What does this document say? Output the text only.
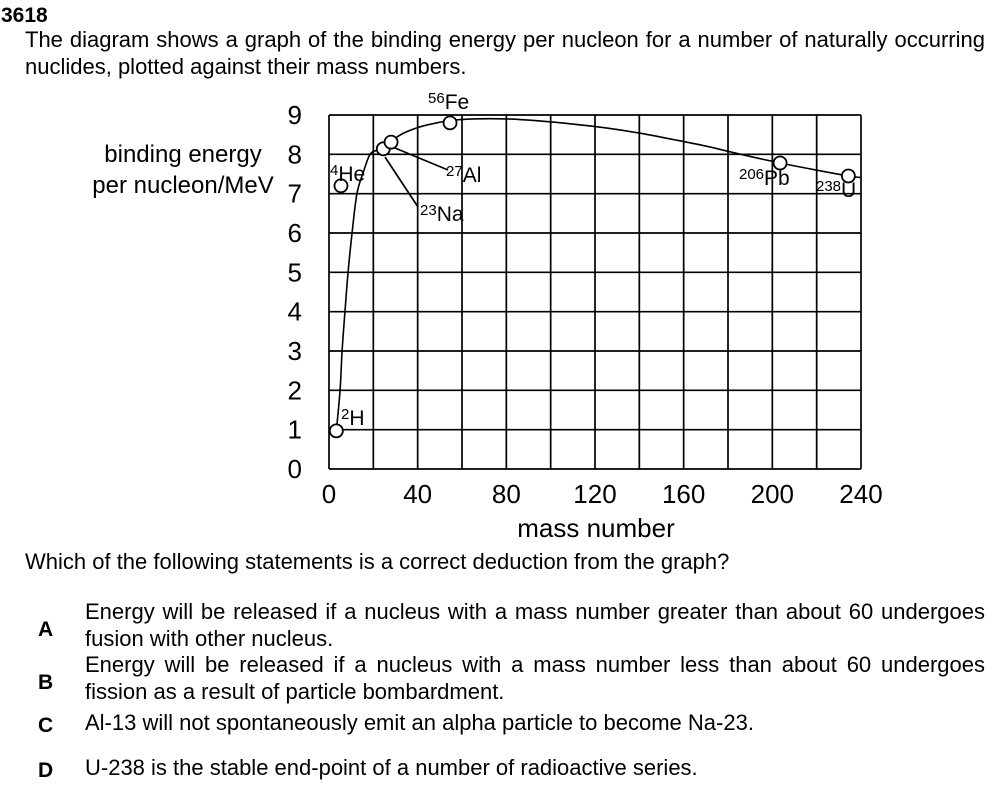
3618
The diagram shows a graph of the binding energy per nucleon for a number of naturally occurring
nuclides, plotted against their mass numbers.
binding energy
per nucleon/MeV
0	40 80 120 160 200 240
0
1
2
3
4
5
6
7
8
9
$^2$H
$^4$He
$^{23}$Na
$^{27}$Al
$^{56}$Fe
$^{206}$Pb $^{238}$U
mass number
Which of the following statements is a correct deduction from the graph?
A
Energy will be released if a nucleus with a mass number greater than about 60 undergoes
fusion with other nucleus.
B
Energy will be released if a nucleus with a mass number less than about 60 undergoes
fission as a result of particle bombardment.
C Al-13 will not spontaneously emit an alpha particle to become Na-23.
D U-238 is the stable end-point of a number of radioactive series.
